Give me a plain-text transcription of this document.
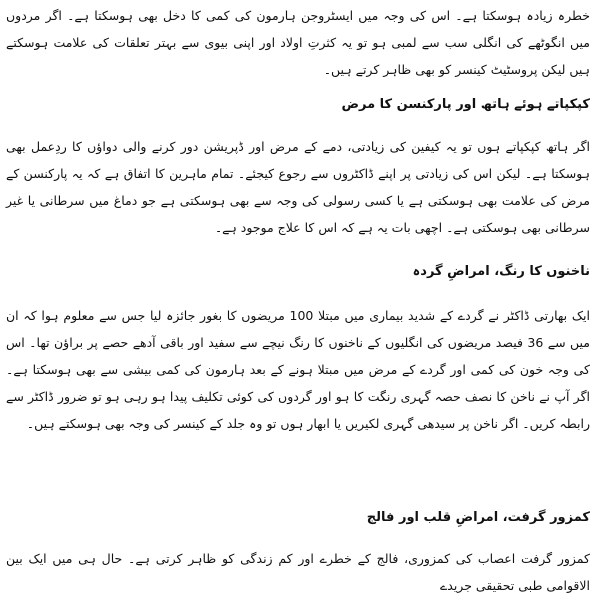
خطرہ زیادہ ہوسکتا ہے۔ اس کی وجہ میں ایسٹروجن ہارمون کی کمی کا دخل بھی ہوسکتا ہے۔ اگر مردوں میں انگوٹھے کی انگلی سب سے لمبی ہو تو یہ کثرتِ اولاد اور اپنی بیوی سے بہتر تعلقات کی علامت ہوسکتے ہیں لیکن پروسٹیٹ کینسر کو بھی ظاہر کرتے ہیں۔

کپکپاتے ہوئے ہاتھ اور پارکنسن کا مرض

اگر ہاتھ کپکپاتے ہوں تو یہ کیفین کی زیادتی، دمے کے مرض اور ڈپریشن دور کرنے والی دواؤں کا ردِعمل بھی ہوسکتا ہے۔ لیکن اس کی زیادتی پر اپنے ڈاکٹروں سے رجوع کیجئے۔ تمام ماہرین کا اتفاق ہے کہ یہ پارکنسن کے مرض کی علامت بھی ہوسکتی ہے یا کسی رسولی کی وجہ سے بھی ہوسکتی ہے جو دماغ میں سرطانی یا غیر سرطانی بھی ہوسکتی ہے۔ اچھی بات یہ ہے کہ اس کا علاج موجود ہے۔

ناخنوں کا رنگ، امراضِ گردہ

ایک بھارتی ڈاکٹر نے گردے کے شدید بیماری میں مبتلا 100 مریضوں کا بغور جائزہ لیا جس سے معلوم ہوا کہ ان میں سے 36 فیصد مریضوں کی انگلیوں کے ناخنوں کا رنگ نیچے سے سفید اور باقی آدھے حصے پر براؤن تھا۔ اس کی وجہ خون کی کمی اور گردے کے مرض میں مبتلا ہونے کے بعد ہارمون کی کمی بیشی سے بھی ہوسکتا ہے۔ اگر آپ نے ناخن کا نصف حصہ گہری رنگت کا ہو اور گردوں کی کوئی تکلیف پیدا ہو رہی ہو تو ضرور ڈاکٹر سے رابطہ کریں۔ اگر ناخن پر سیدھی گہری لکیریں یا ابھار ہوں تو وہ جلد کے کینسر کی وجہ بھی ہوسکتے ہیں۔

کمزور گرفت، امراضِ قلب اور فالج

کمزور گرفت اعصاب کی کمزوری، فالج کے خطرے اور کم زندگی کو ظاہر کرتی ہے۔ حال ہی میں ایک بین الاقوامی طبی تحقیقی جریدے
